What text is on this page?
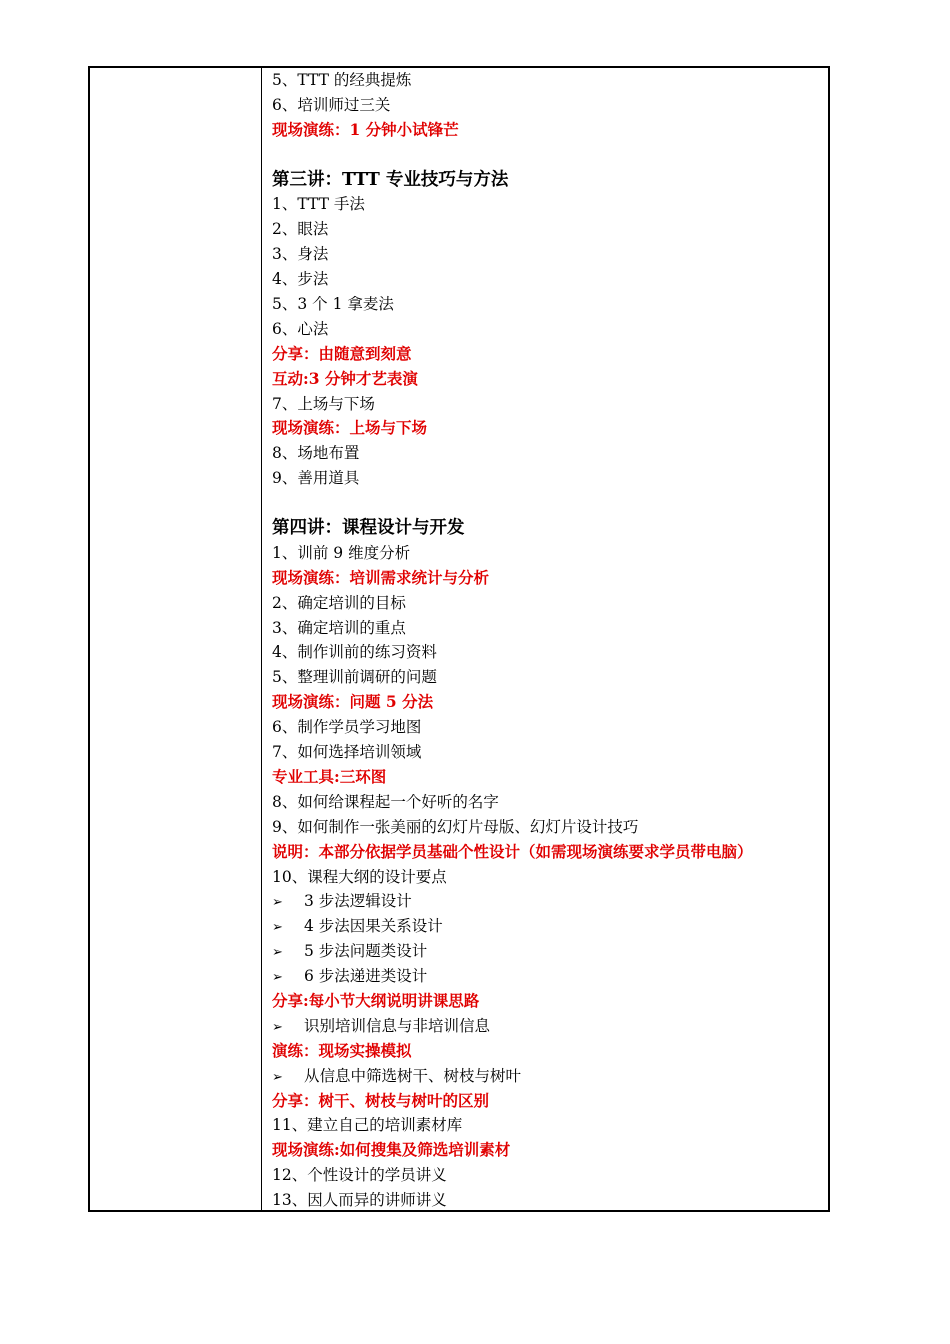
5、TTT 的经典提炼
6、培训师过三关
现场演练：1 分钟小试锋芒
第三讲：TTT 专业技巧与方法
1、TTT 手法
2、眼法
3、身法
4、步法
5、3 个 1 拿麦法
6、心法
分享：由随意到刻意
互动:3 分钟才艺表演
7、上场与下场
现场演练：上场与下场
8、场地布置
9、善用道具
第四讲：课程设计与开发
1、训前 9 维度分析
现场演练：培训需求统计与分析
2、确定培训的目标
3、确定培训的重点
4、制作训前的练习资料
5、整理训前调研的问题
现场演练：问题 5 分法
6、制作学员学习地图
7、如何选择培训领域
专业工具:三环图
8、如何给课程起一个好听的名字
9、如何制作一张美丽的幻灯片母版、幻灯片设计技巧
说明：本部分依据学员基础个性设计（如需现场演练要求学员带电脑）
10、课程大纲的设计要点
➢ 3 步法逻辑设计
➢ 4 步法因果关系设计
➢ 5 步法问题类设计
➢ 6 步法递进类设计
分享:每小节大纲说明讲课思路
➢ 识别培训信息与非培训信息
演练：现场实操模拟
➢ 从信息中筛选树干、树枝与树叶
分享：树干、树枝与树叶的区别
11、建立自己的培训素材库
现场演练:如何搜集及筛选培训素材
12、个性设计的学员讲义
13、因人而异的讲师讲义
